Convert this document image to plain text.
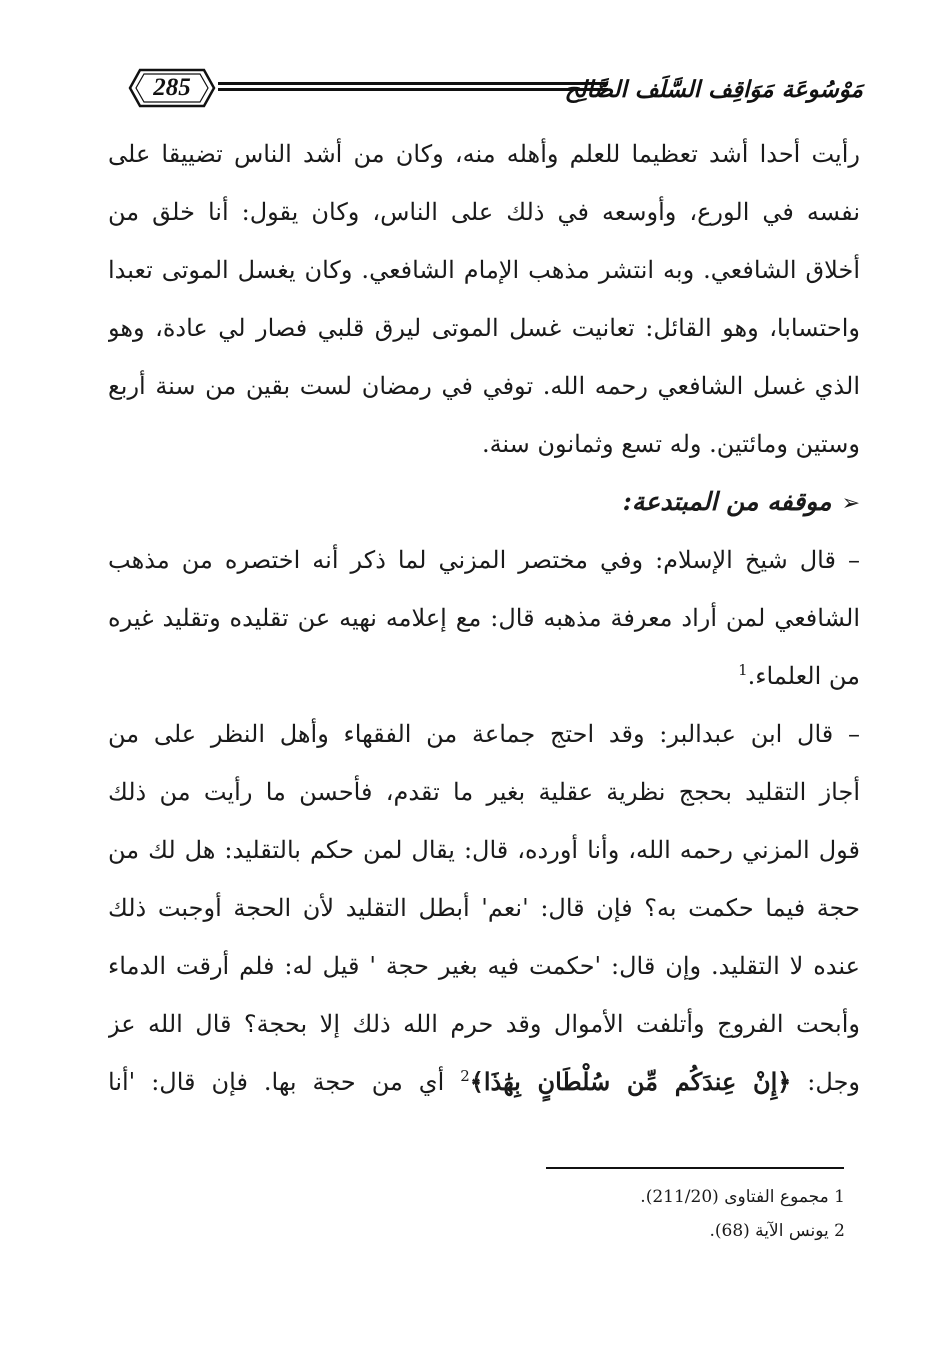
285	مَوْسُوعَة مَوَاقِف السَّلَف الصَّالِح
رأيت أحدا أشد تعظيما للعلم وأهله منه، وكان من أشد الناس تضييقا على
نفسه في الورع، وأوسعه في ذلك على الناس، وكان يقول: أنا خلق من
أخلاق الشافعي. وبه انتشر مذهب الإمام الشافعي. وكان يغسل الموتى تعبدا
واحتسابا، وهو القائل: تعانيت غسل الموتى ليرق قلبي فصار لي عادة، وهو
الذي غسل الشافعي رحمه الله. توفي في رمضان لست بقين من سنة أربع
وستين ومائتين. وله تسع وثمانون سنة.
➢موقفه من المبتدعة:
– قال شيخ الإسلام: وفي مختصر المزني لما ذكر أنه اختصره من مذهب
الشافعي لمن أراد معرفة مذهبه قال: مع إعلامه نهيه عن تقليده وتقليد غيره
من العلماء.$^1$
– قال ابن عبدالبر: وقد احتج جماعة من الفقهاء وأهل النظر على من
أجاز التقليد بحجج نظرية عقلية بغير ما تقدم، فأحسن ما رأيت من ذلك
قول المزني رحمه الله، وأنا أورده، قال: يقال لمن حكم بالتقليد: هل لك من
حجة فيما حكمت به؟ فإن قال: 'نعم' أبطل التقليد لأن الحجة أوجبت ذلك
عنده لا التقليد. وإن قال: 'حكمت فيه بغير حجة ' قيل له: فلم أرقت الدماء
وأبحت الفروج وأتلفت الأموال وقد حرم الله ذلك إلا بحجة؟ قال الله عز
وجل: ﴿إِنْ عِندَكُم مِّن سُلْطَانٍ بِهَٰذَا﴾$^2$ أي من حجة بها. فإن قال: 'أنا
1 مجموع الفتاوى (211/20).
2 يونس الآية (68).
